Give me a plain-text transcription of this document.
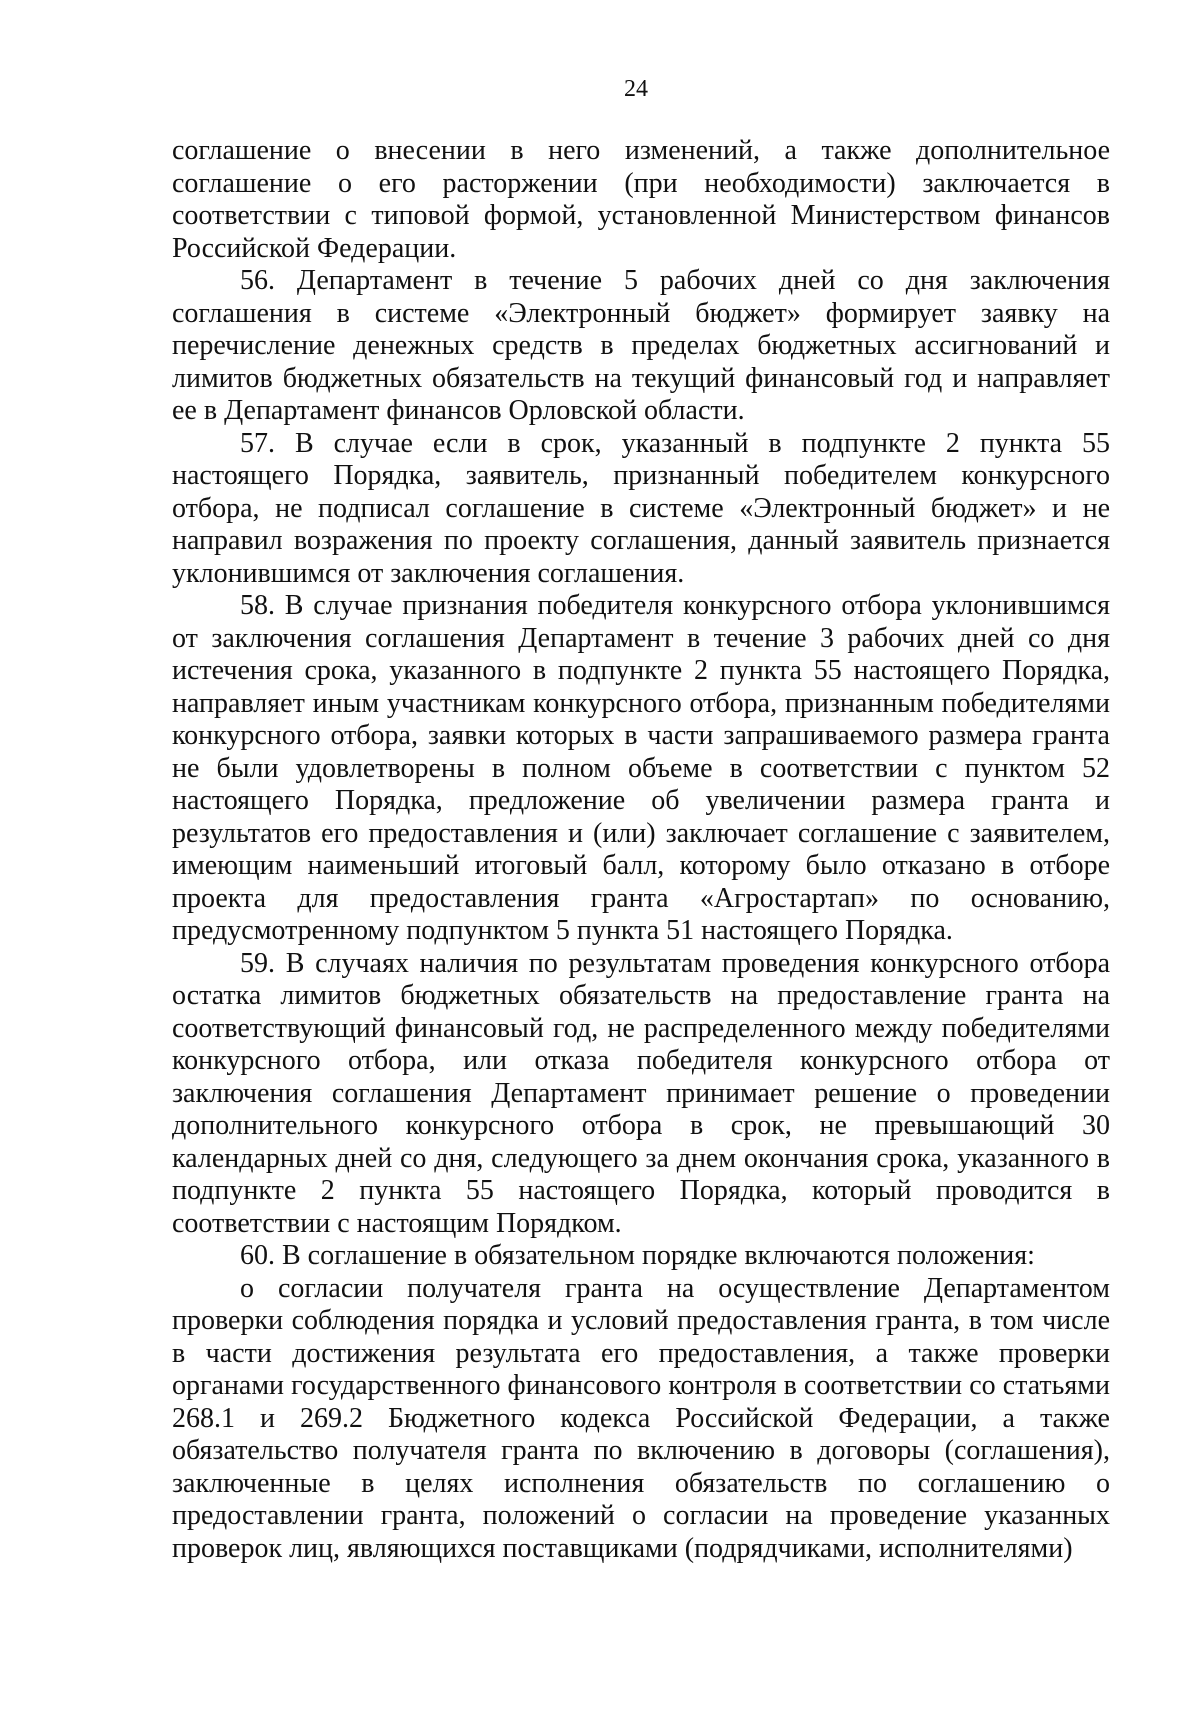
24

соглашение о внесении в него изменений, а также дополнительное соглашение о его расторжении (при необходимости) заключается в соответствии с типовой формой, установленной Министерством финансов Российской Федерации.

56. Департамент в течение 5 рабочих дней со дня заключения соглашения в системе «Электронный бюджет» формирует заявку на перечисление денежных средств в пределах бюджетных ассигнований и лимитов бюджетных обязательств на текущий финансовый год и направляет ее в Департамент финансов Орловской области.

57. В случае если в срок, указанный в подпункте 2 пункта 55 настоящего Порядка, заявитель, признанный победителем конкурсного отбора, не подписал соглашение в системе «Электронный бюджет» и не направил возражения по проекту соглашения, данный заявитель признается уклонившимся от заключения соглашения.

58. В случае признания победителя конкурсного отбора уклонившимся от заключения соглашения Департамент в течение 3 рабочих дней со дня истечения срока, указанного в подпункте 2 пункта 55 настоящего Порядка, направляет иным участникам конкурсного отбора, признанным победителями конкурсного отбора, заявки которых в части запрашиваемого размера гранта не были удовлетворены в полном объеме в соответствии с пунктом 52 настоящего Порядка, предложение об увеличении размера гранта и результатов его предоставления и (или) заключает соглашение с заявителем, имеющим наименьший итоговый балл, которому было отказано в отборе проекта для предоставления гранта «Агростартап» по основанию, предусмотренному подпунктом 5 пункта 51 настоящего Порядка.

59. В случаях наличия по результатам проведения конкурсного отбора остатка лимитов бюджетных обязательств на предоставление гранта на соответствующий финансовый год, не распределенного между победителями конкурсного отбора, или отказа победителя конкурсного отбора от заключения соглашения Департамент принимает решение о проведении дополнительного конкурсного отбора в срок, не превышающий 30 календарных дней со дня, следующего за днем окончания срока, указанного в подпункте 2 пункта 55 настоящего Порядка, который проводится в соответствии с настоящим Порядком.

60. В соглашение в обязательном порядке включаются положения:

о согласии получателя гранта на осуществление Департаментом проверки соблюдения порядка и условий предоставления гранта, в том числе в части достижения результата его предоставления, а также проверки органами государственного финансового контроля в соответствии со статьями 268.1 и 269.2 Бюджетного кодекса Российской Федерации, а также обязательство получателя гранта по включению в договоры (соглашения), заключенные в целях исполнения обязательств по соглашению о предоставлении гранта, положений о согласии на проведение указанных проверок лиц, являющихся поставщиками (подрядчиками, исполнителями)
